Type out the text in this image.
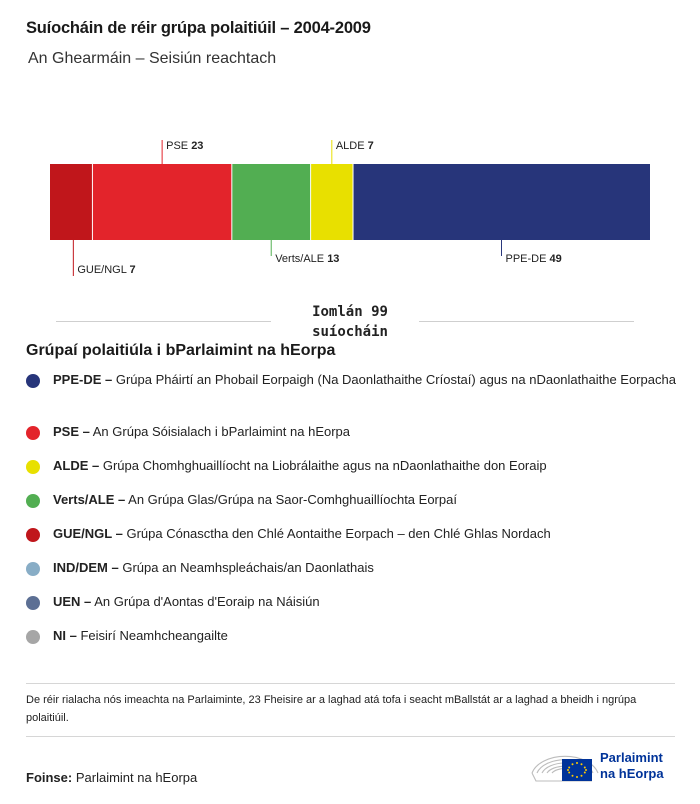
Suíocháin de réir grúpa polaitiúil – 2004-2009
An Ghearmáin – Seisiún reachtach
GUE/NGL 7
PSE 23
Verts/ALE 13
ALDE 7
PPE-DE 49
Iomlán 99 suíocháin
Grúpaí polaitiúla i bParlaimint na hEorpa
PPE-DE – Grúpa Pháirtí an Phobail Eorpaigh (Na Daonlathaithe Críostaí) agus na nDaonlathaithe Eorpacha
PSE – An Grúpa Sóisialach i bParlaimint na hEorpa
ALDE – Grúpa Chomhghuaillíocht na Liobrálaithe agus na nDaonlathaithe don Eoraip
Verts/ALE – An Grúpa Glas/Grúpa na Saor-Comhghuaillíochta Eorpaí
GUE/NGL – Grúpa Cónasctha den Chlé Aontaithe Eorpach – den Chlé Ghlas Nordach
IND/DEM – Grúpa an Neamhspleáchais/an Daonlathais
UEN – An Grúpa d'Aontas d'Eoraip na Náisiún
NI – Feisirí Neamhcheangailte
De réir rialacha nós imeachta na Parlaiminte, 23 Fheisire ar a laghad atá tofa i seacht mBallstát ar a laghad a bheidh i ngrúpa polaitiúil.
Foinse: Parlaimint na hEorpa
Parlaimint
na hEorpa
